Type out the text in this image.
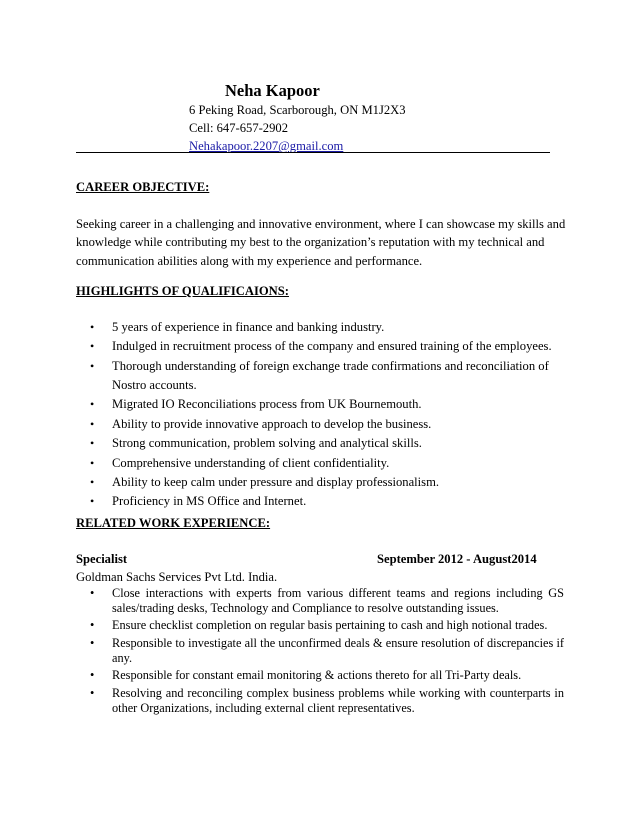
Neha Kapoor
6 Peking Road, Scarborough, ON M1J2X3
Cell: 647-657-2902
Nehakapoor.2207@gmail.com
CAREER OBJECTIVE:
Seeking career in a challenging and innovative environment, where I can showcase my skills and
knowledge while contributing my best to the organization’s reputation with my technical and
communication abilities along with my experience and performance.
HIGHLIGHTS OF QUALIFICAIONS:
• 5 years of experience in finance and banking industry.
• Indulged in recruitment process of the company and ensured training of the employees.
• Thorough understanding of foreign exchange trade confirmations and reconciliation of Nostro accounts.
• Migrated IO Reconciliations process from UK Bournemouth.
• Ability to provide innovative approach to develop the business.
• Strong communication, problem solving and analytical skills.
• Comprehensive understanding of client confidentiality.
• Ability to keep calm under pressure and display professionalism.
• Proficiency in MS Office and Internet.
RELATED WORK EXPERIENCE:
Specialist	September 2012 - August2014
Goldman Sachs Services Pvt Ltd. India.
• Close interactions with experts from various different teams and regions including GS sales/trading desks, Technology and Compliance to resolve outstanding issues.
• Ensure checklist completion on regular basis pertaining to cash and high notional trades.
• Responsible to investigate all the unconfirmed deals & ensure resolution of discrepancies if any.
• Responsible for constant email monitoring & actions thereto for all Tri-Party deals.
• Resolving and reconciling complex business problems while working with counterparts in other Organizations, including external client representatives.
